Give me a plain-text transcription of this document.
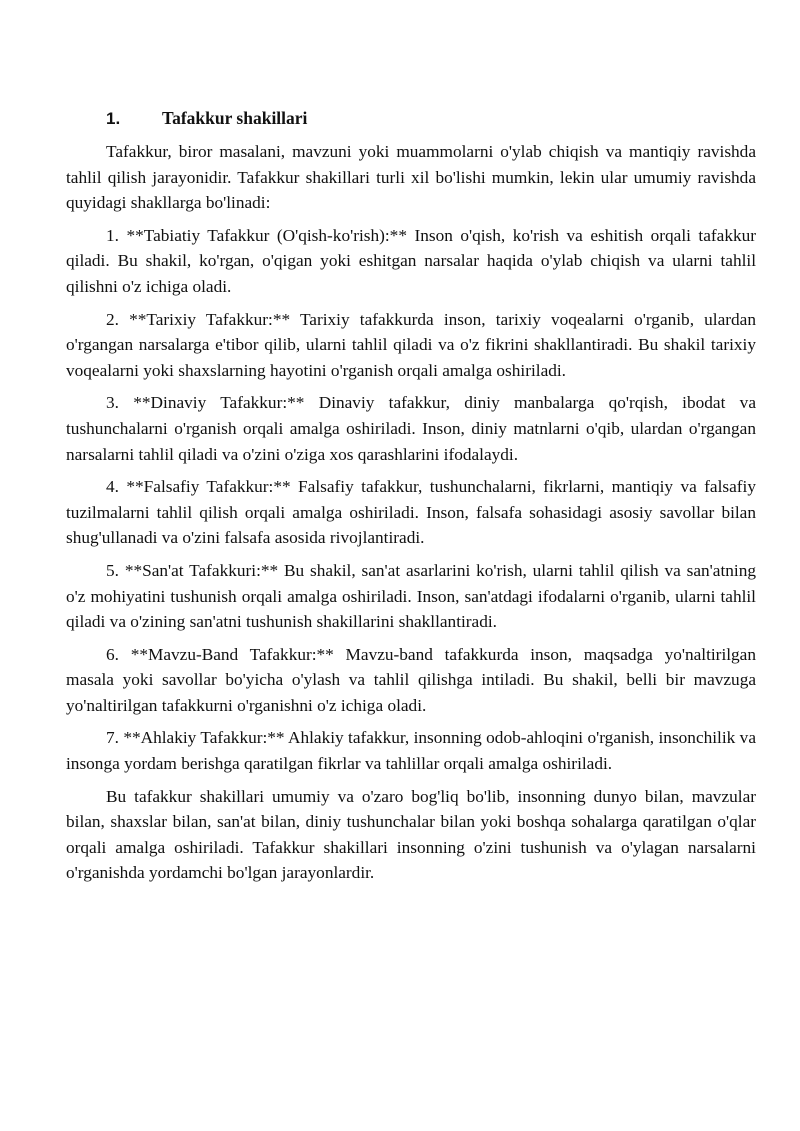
1.	Tafakkur shakillari

Tafakkur, biror masalani, mavzuni yoki muammolarni o'ylab chiqish va mantiqiy ravishda tahlil qilish jarayonidir. Tafakkur shakillari turli xil bo'lishi mumkin, lekin ular umumiy ravishda quyidagi shakllarga bo'linadi:

1. **Tabiatiy Tafakkur (O'qish-ko'rish):** Inson o'qish, ko'rish va eshitish orqali tafakkur qiladi. Bu shakil, ko'rgan, o'qigan yoki eshitgan narsalar haqida o'ylab chiqish va ularni tahlil qilishni o'z ichiga oladi.

2. **Tarixiy Tafakkur:** Tarixiy tafakkurda inson, tarixiy voqealarni o'rganib, ulardan o'rgangan narsalarga e'tibor qilib, ularni tahlil qiladi va o'z fikrini shakllantiradi. Bu shakil tarixiy voqealarni yoki shaxslarning hayotini o'rganish orqali amalga oshiriladi.

3. **Dinaviy Tafakkur:** Dinaviy tafakkur, diniy manbalarga qo'rqish, ibodat va tushunchalarni o'rganish orqali amalga oshiriladi. Inson, diniy matnlarni o'qib, ulardan o'rgangan narsalarni tahlil qiladi va o'zini o'ziga xos qarashlarini ifodalaydi.

4. **Falsafiy Tafakkur:** Falsafiy tafakkur, tushunchalarni, fikrlarni, mantiqiy va falsafiy tuzilmalarni tahlil qilish orqali amalga oshiriladi. Inson, falsafa sohasidagi asosiy savollar bilan shug'ullanadi va o'zini falsafa asosida rivojlantiradi.

5. **San'at Tafakkuri:** Bu shakil, san'at asarlarini ko'rish, ularni tahlil qilish va san'atning o'z mohiyatini tushunish orqali amalga oshiriladi. Inson, san'atdagi ifodalarni o'rganib, ularni tahlil qiladi va o'zining san'atni tushunish shakillarini shakllantiradi.

6. **Mavzu-Band Tafakkur:** Mavzu-band tafakkurda inson, maqsadga yo'naltirilgan masala yoki savollar bo'yicha o'ylash va tahlil qilishga intiladi. Bu shakil, belli bir mavzuga yo'naltirilgan tafakkurni o'rganishni o'z ichiga oladi.

7. **Ahlakiy Tafakkur:** Ahlakiy tafakkur, insonning odob-ahloqini o'rganish, insonchilik va insonga yordam berishga qaratilgan fikrlar va tahlillar orqali amalga oshiriladi.

Bu tafakkur shakillari umumiy va o'zaro bog'liq bo'lib, insonning dunyo bilan, mavzular bilan, shaxslar bilan, san'at bilan, diniy tushunchalar bilan yoki boshqa sohalarga qaratilgan o'qlar orqali amalga oshiriladi. Tafakkur shakillari insonning o'zini tushunish va o'ylagan narsalarni o'rganishda yordamchi bo'lgan jarayonlardir.
